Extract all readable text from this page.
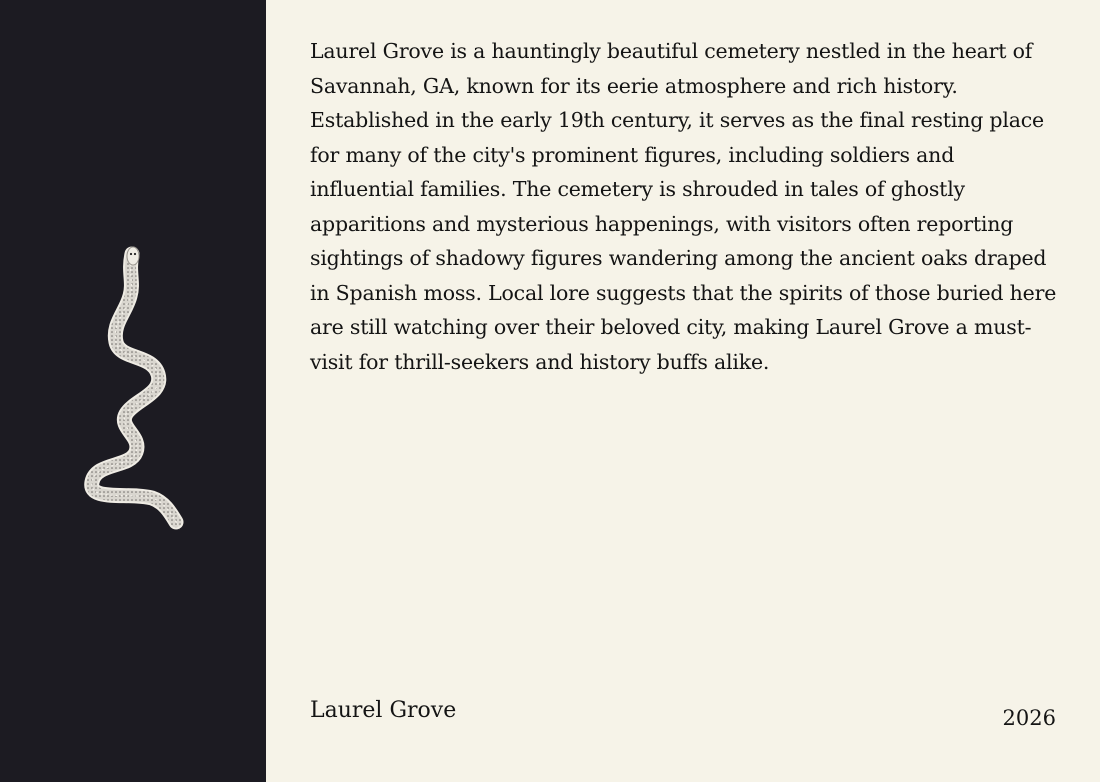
Laurel Grove is a hauntingly beautiful cemetery nestled in the heart of Savannah, GA, known for its eerie atmosphere and rich history. Established in the early 19th century, it serves as the final resting place for many of the city's prominent figures, including soldiers and influential families. The cemetery is shrouded in tales of ghostly apparitions and mysterious happenings, with visitors often reporting sightings of shadowy figures wandering among the ancient oaks draped in Spanish moss. Local lore suggests that the spirits of those buried here are still watching over their beloved city, making Laurel Grove a must-visit for thrill-seekers and history buffs alike.

Laurel Grove	2026
